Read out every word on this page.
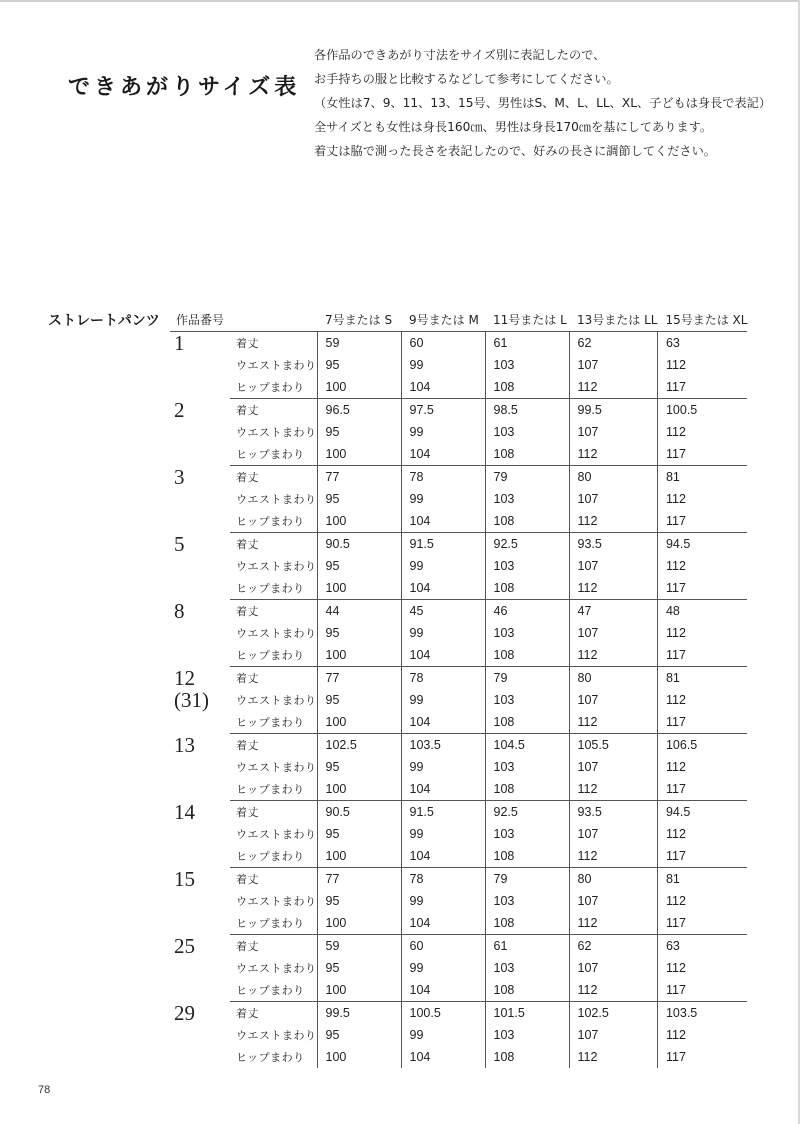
できあがりサイズ表
各作品のできあがり寸法をサイズ別に表記したので、
お手持ちの服と比較するなどして参考にしてください。
（女性は7、9、11、13、15号、男性はS、M、L、LL、XL、子どもは身長で表記）
全サイズとも女性は身長160㎝、男性は身長170㎝を基にしてあります。
着丈は脇で測った長さを表記したので、好みの長さに調節してください。
ストレートパンツ 作品番号		7号または S	9号または M	11号または L	13号または LL	15号または XL

1	着丈	59	60	61	62	63
	ウエストまわり	95	99	103	107	112
	ヒップまわり	100	104	108	112	117

2	着丈	96.5	97.5	98.5	99.5	100.5
	ウエストまわり	95	99	103	107	112
	ヒップまわり	100	104	108	112	117

3	着丈	77	78	79	80	81
	ウエストまわり	95	99	103	107	112
	ヒップまわり	100	104	108	112	117

5	着丈	90.5	91.5	92.5	93.5	94.5
	ウエストまわり	95	99	103	107	112
	ヒップまわり	100	104	108	112	117

8	着丈	44	45	46	47	48
	ウエストまわり	95	99	103	107	112
	ヒップまわり	100	104	108	112	117

12
(31)	着丈	77	78	79	80	81
	ウエストまわり	95	99	103	107	112
	ヒップまわり	100	104	108	112	117

13	着丈	102.5	103.5	104.5	105.5	106.5
	ウエストまわり	95	99	103	107	112
	ヒップまわり	100	104	108	112	117

14	着丈	90.5	91.5	92.5	93.5	94.5
	ウエストまわり	95	99	103	107	112
	ヒップまわり	100	104	108	112	117

15	着丈	77	78	79	80	81
	ウエストまわり	95	99	103	107	112
	ヒップまわり	100	104	108	112	117

25	着丈	59	60	61	62	63
	ウエストまわり	95	99	103	107	112
	ヒップまわり	100	104	108	112	117

29	着丈	99.5	100.5	101.5	102.5	103.5
	ウエストまわり	95	99	103	107	112
	ヒップまわり	100	104	108	112	117
78
